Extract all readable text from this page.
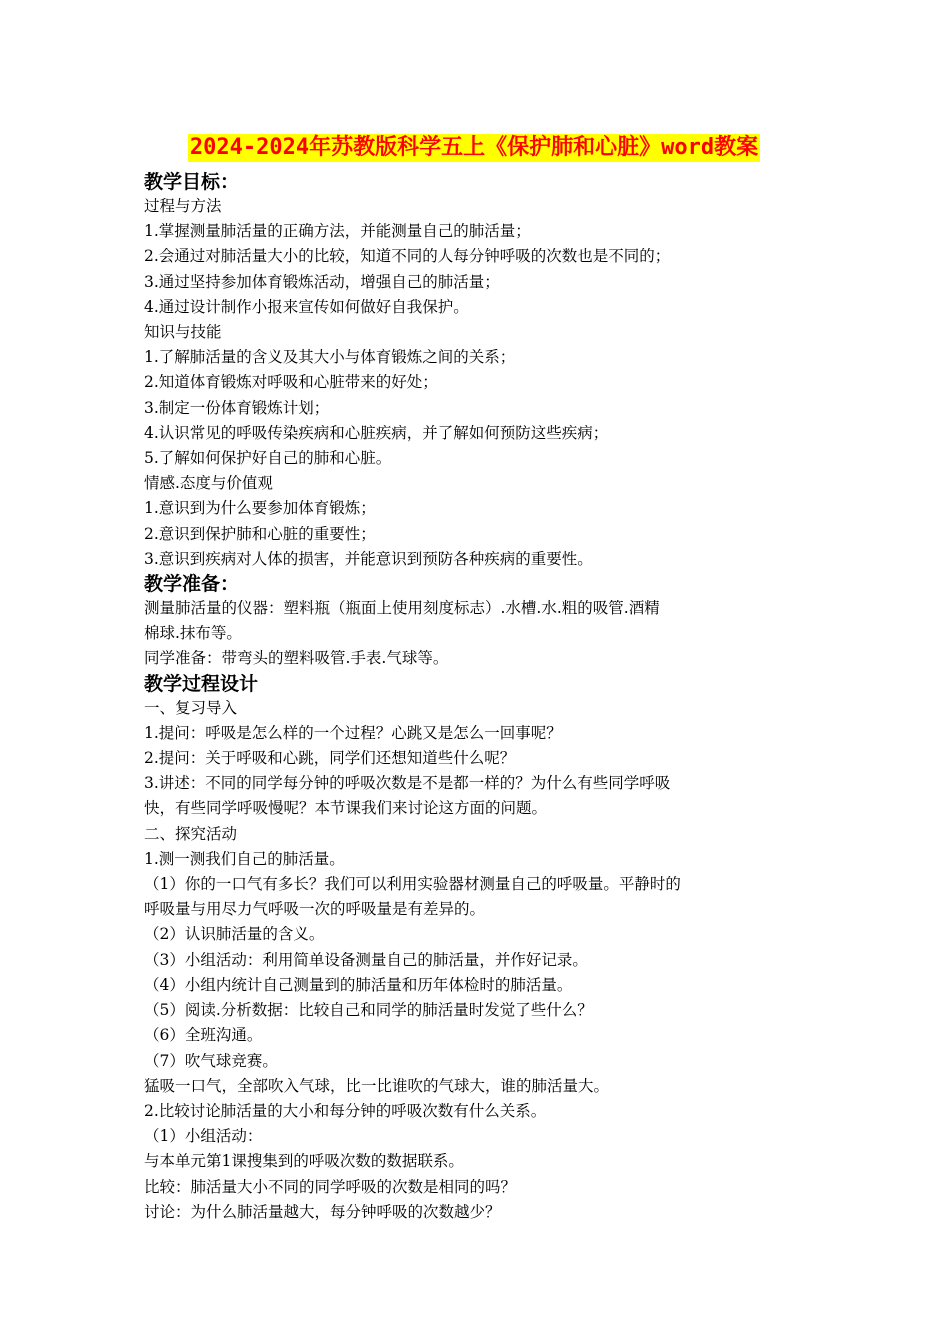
2024-2024年苏教版科学五上《保护肺和心脏》word教案
教学目标：

过程与方法

1.掌握测量肺活量的正确方法，并能测量自己的肺活量；

2.会通过对肺活量大小的比较，知道不同的人每分钟呼吸的次数也是不同的；

3.通过坚持参加体育锻炼活动，增强自己的肺活量；

4.通过设计制作小报来宣传如何做好自我保护。

知识与技能

1.了解肺活量的含义及其大小与体育锻炼之间的关系；

2.知道体育锻炼对呼吸和心脏带来的好处；

3.制定一份体育锻炼计划；

4.认识常见的呼吸传染疾病和心脏疾病，并了解如何预防这些疾病；

5.了解如何保护好自己的肺和心脏。

情感.态度与价值观

1.意识到为什么要参加体育锻炼；

2.意识到保护肺和心脏的重要性；

3.意识到疾病对人体的损害，并能意识到预防各种疾病的重要性。

教学准备：

测量肺活量的仪器：塑料瓶（瓶面上使用刻度标志）.水槽.水.粗的吸管.酒精

棉球.抹布等。

同学准备：带弯头的塑料吸管.手表.气球等。

教学过程设计

一、复习导入

1.提问：呼吸是怎么样的一个过程？心跳又是怎么一回事呢？

2.提问：关于呼吸和心跳，同学们还想知道些什么呢？

3.讲述：不同的同学每分钟的呼吸次数是不是都一样的？为什么有些同学呼吸

快，有些同学呼吸慢呢？本节课我们来讨论这方面的问题。

二、探究活动

1.测一测我们自己的肺活量。

（1）你的一口气有多长？我们可以利用实验器材测量自己的呼吸量。平静时的

呼吸量与用尽力气呼吸一次的呼吸量是有差异的。

（2）认识肺活量的含义。

（3）小组活动：利用简单设备测量自己的肺活量，并作好记录。

（4）小组内统计自己测量到的肺活量和历年体检时的肺活量。

（5）阅读.分析数据：比较自己和同学的肺活量时发觉了些什么？

（6）全班沟通。

（7）吹气球竞赛。

猛吸一口气，全部吹入气球，比一比谁吹的气球大，谁的肺活量大。

2.比较讨论肺活量的大小和每分钟的呼吸次数有什么关系。

（1）小组活动：

与本单元第1课搜集到的呼吸次数的数据联系。

比较：肺活量大小不同的同学呼吸的次数是相同的吗？

讨论：为什么肺活量越大，每分钟呼吸的次数越少？
